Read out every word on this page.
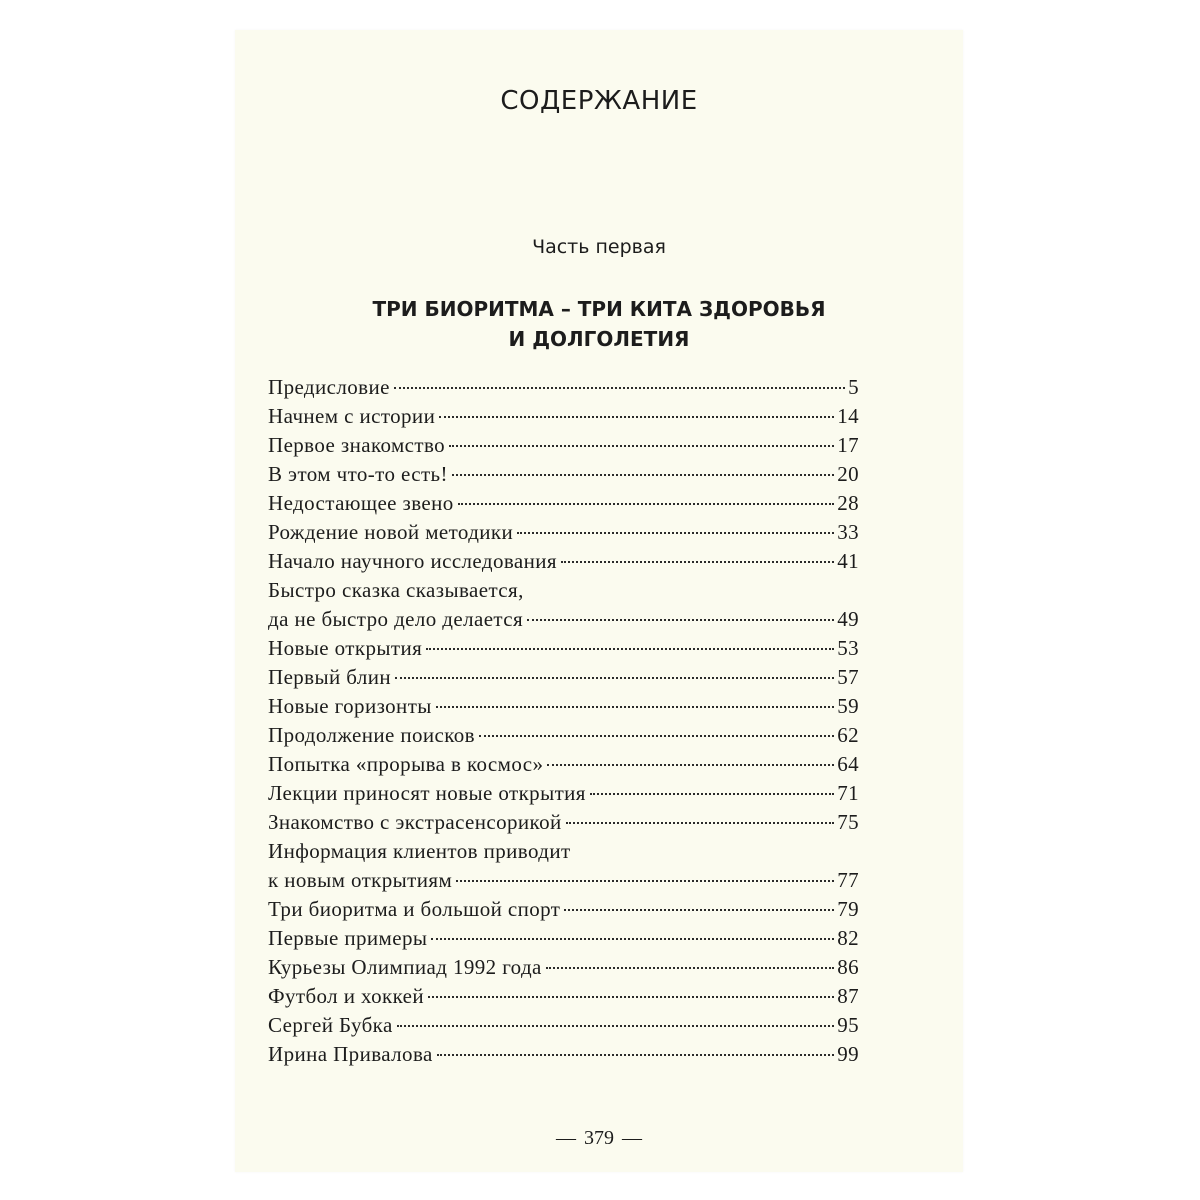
СОДЕРЖАНИЕ
Часть первая
ТРИ БИОРИТМА – ТРИ КИТА ЗДОРОВЬЯ
И ДОЛГОЛЕТИЯ
Предисловие	5
Начнем с истории	14
Первое знакомство	17
В этом что-то есть!	20
Недостающее звено	28
Рождение новой методики	33
Начало научного исследования	41
Быстро сказка сказывается,
да не быстро дело делается	49
Новые открытия	53
Первый блин	57
Новые горизонты	59
Продолжение поисков	62
Попытка «прорыва в космос»	64
Лекции приносят новые открытия	71
Знакомство с экстрасенсорикой	75
Информация клиентов приводит
к новым открытиям	77
Три биоритма и большой спорт	79
Первые примеры	82
Курьезы Олимпиад 1992 года	86
Футбол и хоккей	87
Сергей Бубка	95
Ирина Привалова	99
— 379 —
